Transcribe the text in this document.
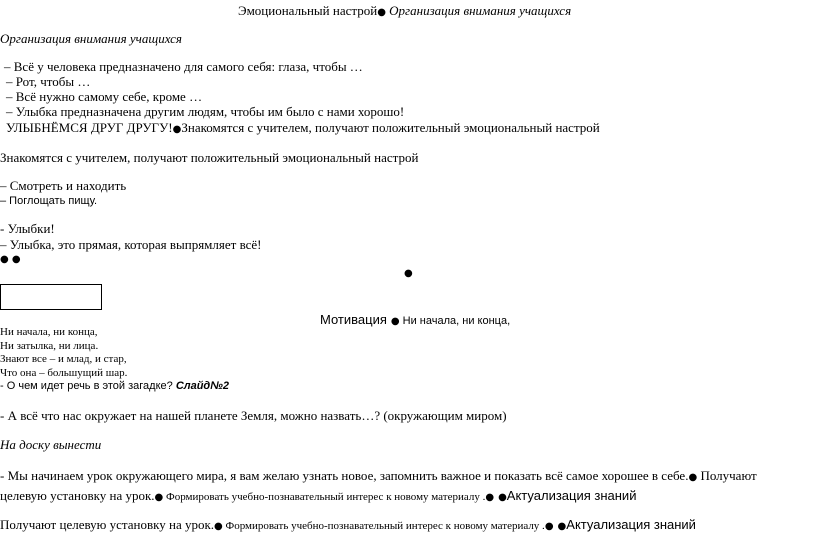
Эмоциональный настрой● Организация внимания учащихся
Организация внимания учащихся
– Всё у человека предназначено для самого себя: глаза, чтобы …
– Рот, чтобы …
– Всё нужно самому себе, кроме …
– Улыбка предназначена другим людям, чтобы им было с нами хорошо!
УЛЫБНЁМСЯ ДРУГ ДРУГУ!●Знакомятся с учителем, получают положительный эмоциональный настрой
Знакомятся с учителем, получают положительный эмоциональный настрой
– Смотреть и находить
– Поглощать пищу.
- Улыбки!
– Улыбка, это прямая, которая выпрямляет всё!
● ●
●
Мотивация ● Ни начала, ни конца,
Ни начала, ни конца,
Ни затылка, ни лица.
Знают все – и млад, и стар,
Что она – большущий шар.
- О чем идет речь в этой загадке? Слайд№2
- А всё что нас окружает на нашей планете Земля, можно назвать…? (окружающим миром)
На доску вынести
- Мы начинаем урок окружающего мира, я вам желаю узнать новое, запомнить важное и показать всё самое хорошее в себе.● Получают
целевую установку на урок.● Формировать учебно-познавательный интерес к новому материалу .● ●Актуализация знаний
Получают целевую установку на урок.● Формировать учебно-познавательный интерес к новому материалу .● ●Актуализация знаний
